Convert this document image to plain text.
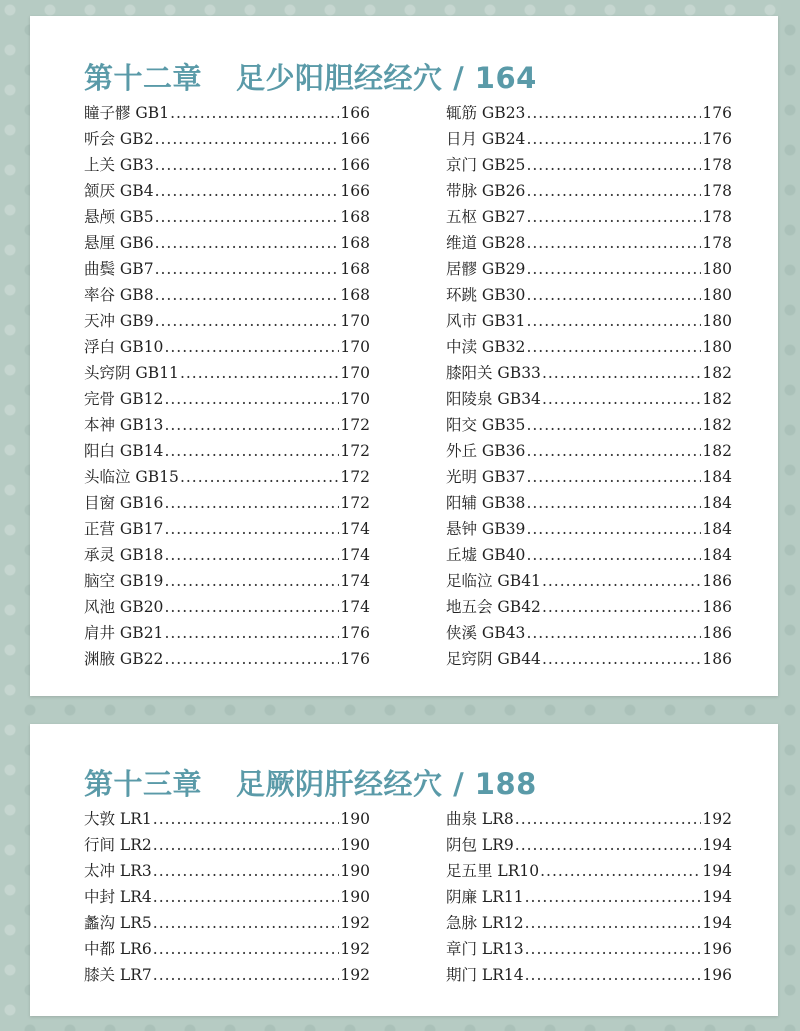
第十二章 足少阳胆经经穴 / 164
瞳子髎 GB1 .....	166
听会 GB2 .....	166
上关 GB3 .....	166
颔厌 GB4 .....	166
悬颅 GB5 .....	168
悬厘 GB6 .....	168
曲鬓 GB7 .....	168
率谷 GB8 .....	168
天冲 GB9 .....	170
浮白 GB10 .....	170
头窍阴 GB11 .....	170
完骨 GB12 .....	170
本神 GB13 .....	172
阳白 GB14 .....	172
头临泣 GB15 .....	172
目窗 GB16 .....	172
正营 GB17 .....	174
承灵 GB18 .....	174
脑空 GB19 .....	174
风池 GB20 .....	174
肩井 GB21 .....	176
渊腋 GB22 .....	176
辄筋 GB23 .....	176
日月 GB24 .....	176
京门 GB25 .....	178
带脉 GB26 .....	178
五枢 GB27 .....	178
维道 GB28 .....	178
居髎 GB29 .....	180
环跳 GB30 .....	180
风市 GB31 .....	180
中渎 GB32 .....	180
膝阳关 GB33 .....	182
阳陵泉 GB34 .....	182
阳交 GB35 .....	182
外丘 GB36 .....	182
光明 GB37 .....	184
阳辅 GB38 .....	184
悬钟 GB39 .....	184
丘墟 GB40 .....	184
足临泣 GB41 .....	186
地五会 GB42 .....	186
侠溪 GB43 .....	186
足窍阴 GB44 .....	186
第十三章 足厥阴肝经经穴 / 188
大敦 LR1 .....	190
行间 LR2 .....	190
太冲 LR3 .....	190
中封 LR4 .....	190
蠡沟 LR5 .....	192
中都 LR6 .....	192
膝关 LR7 .....	192
曲泉 LR8 .....	192
阴包 LR9 .....	194
足五里 LR10 .....	194
阴廉 LR11 .....	194
急脉 LR12 .....	194
章门 LR13 .....	196
期门 LR14 .....	196
